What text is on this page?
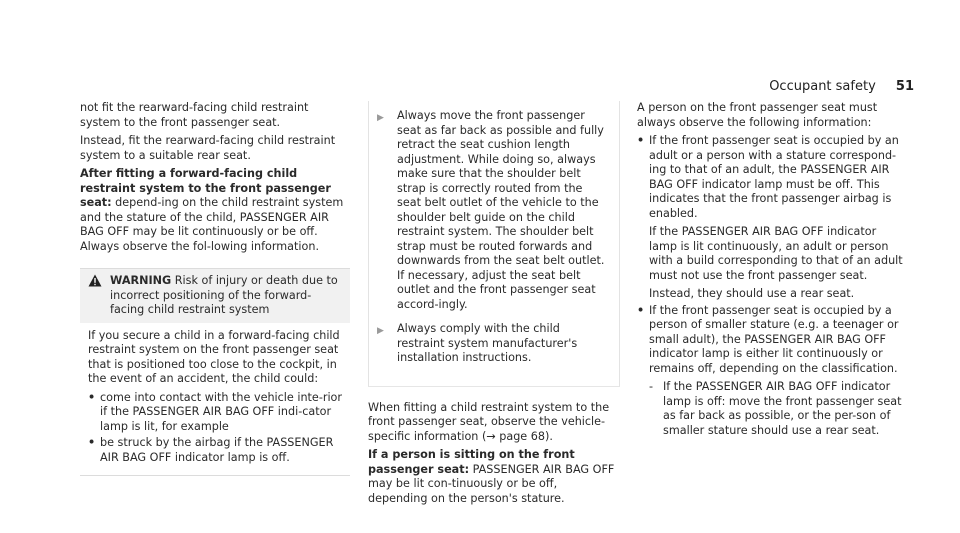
Occupant safety 51

not fit the rearward-facing child restraint system to the front passenger seat.

Instead, fit the rearward-facing child restraint system to a suitable rear seat.

After fitting a forward-facing child restraint system to the front passenger seat: depend-ing on the child restraint system and the stature of the child, PASSENGER AIR BAG OFF may be lit continuously or be off. Always observe the fol-lowing information.

WARNING Risk of injury or death due to incorrect positioning of the forward-facing child restraint system

If you secure a child in a forward-facing child restraint system on the front passenger seat that is positioned too close to the cockpit, in the event of an accident, the child could:

• come into contact with the vehicle inte-rior if the PASSENGER AIR BAG OFF indi-cator lamp is lit, for example
• be struck by the airbag if the PASSENGER AIR BAG OFF indicator lamp is off.
▶ Always move the front passenger seat as far back as possible and fully retract the seat cushion length adjustment. While doing so, always make sure that the shoulder belt strap is correctly routed from the seat belt outlet of the vehicle to the shoulder belt guide on the child restraint system. The shoulder belt strap must be routed forwards and downwards from the seat belt outlet. If necessary, adjust the seat belt outlet and the front passenger seat accord-ingly.
▶ Always comply with the child restraint system manufacturer's installation instructions.

When fitting a child restraint system to the front passenger seat, observe the vehicle-specific information (→ page 68).

If a person is sitting on the front passenger seat: PASSENGER AIR BAG OFF may be lit con-tinuously or be off, depending on the person's stature.

A person on the front passenger seat must always observe the following information:

• If the front passenger seat is occupied by an adult or a person with a stature correspond-ing to that of an adult, the PASSENGER AIR BAG OFF indicator lamp must be off. This indicates that the front passenger airbag is enabled.
If the PASSENGER AIR BAG OFF indicator lamp is lit continuously, an adult or person with a build corresponding to that of an adult must not use the front passenger seat.
Instead, they should use a rear seat.
• If the front passenger seat is occupied by a person of smaller stature (e.g. a teenager or small adult), the PASSENGER AIR BAG OFF indicator lamp is either lit continuously or remains off, depending on the classification.
- If the PASSENGER AIR BAG OFF indicator lamp is off: move the front passenger seat as far back as possible, or the per-son of smaller stature should use a rear seat.
